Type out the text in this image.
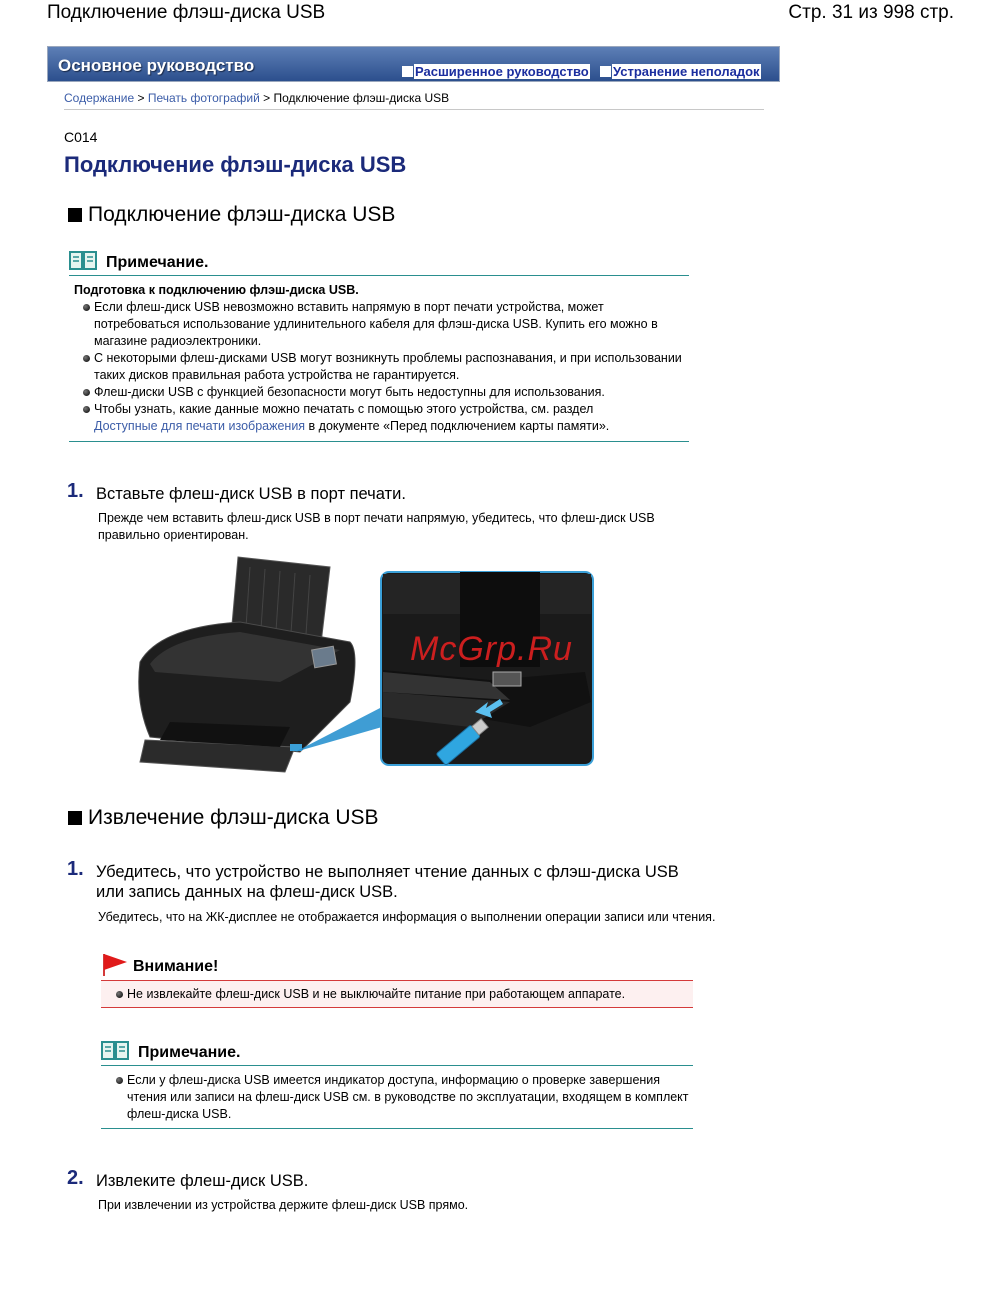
Подключение флэш-диска USB	Стр. 31 из 998 стр.
Основное руководство	Расширенное руководство Устранение неполадок
Содержание > Печать фотографий > Подключение флэш-диска USB
C014
Подключение флэш-диска USB
Подключение флэш-диска USB
Примечание.
Подготовка к подключению флэш-диска USB.
Если флеш-диск USB невозможно вставить напрямую в порт печати устройства, может потребоваться использование удлинительного кабеля для флэш-диска USB. Купить его можно в магазине радиоэлектроники.
С некоторыми флеш-дисками USB могут возникнуть проблемы распознавания, и при использовании таких дисков правильная работа устройства не гарантируется.
Флеш-диски USB с функцией безопасности могут быть недоступны для использования.
Чтобы узнать, какие данные можно печатать с помощью этого устройства, см. раздел
Доступные для печати изображения в документе «Перед подключением карты памяти».
1. Вставьте флеш-диск USB в порт печати.
Прежде чем вставить флеш-диск USB в порт печати напрямую, убедитесь, что флеш-диск USB правильно ориентирован.
McGrp.Ru
Извлечение флэш-диска USB
1. Убедитесь, что устройство не выполняет чтение данных с флэш-диска USB
или запись данных на флеш-диск USB.
Убедитесь, что на ЖК-дисплее не отображается информация о выполнении операции записи или чтения.
Внимание!
Не извлекайте флеш-диск USB и не выключайте питание при работающем аппарате.
Примечание.
Если у флеш-диска USB имеется индикатор доступа, информацию о проверке завершения чтения или записи на флеш-диск USB см. в руководстве по эксплуатации, входящем в комплект флеш-диска USB.
2. Извлеките флеш-диск USB.
При извлечении из устройства держите флеш-диск USB прямо.
